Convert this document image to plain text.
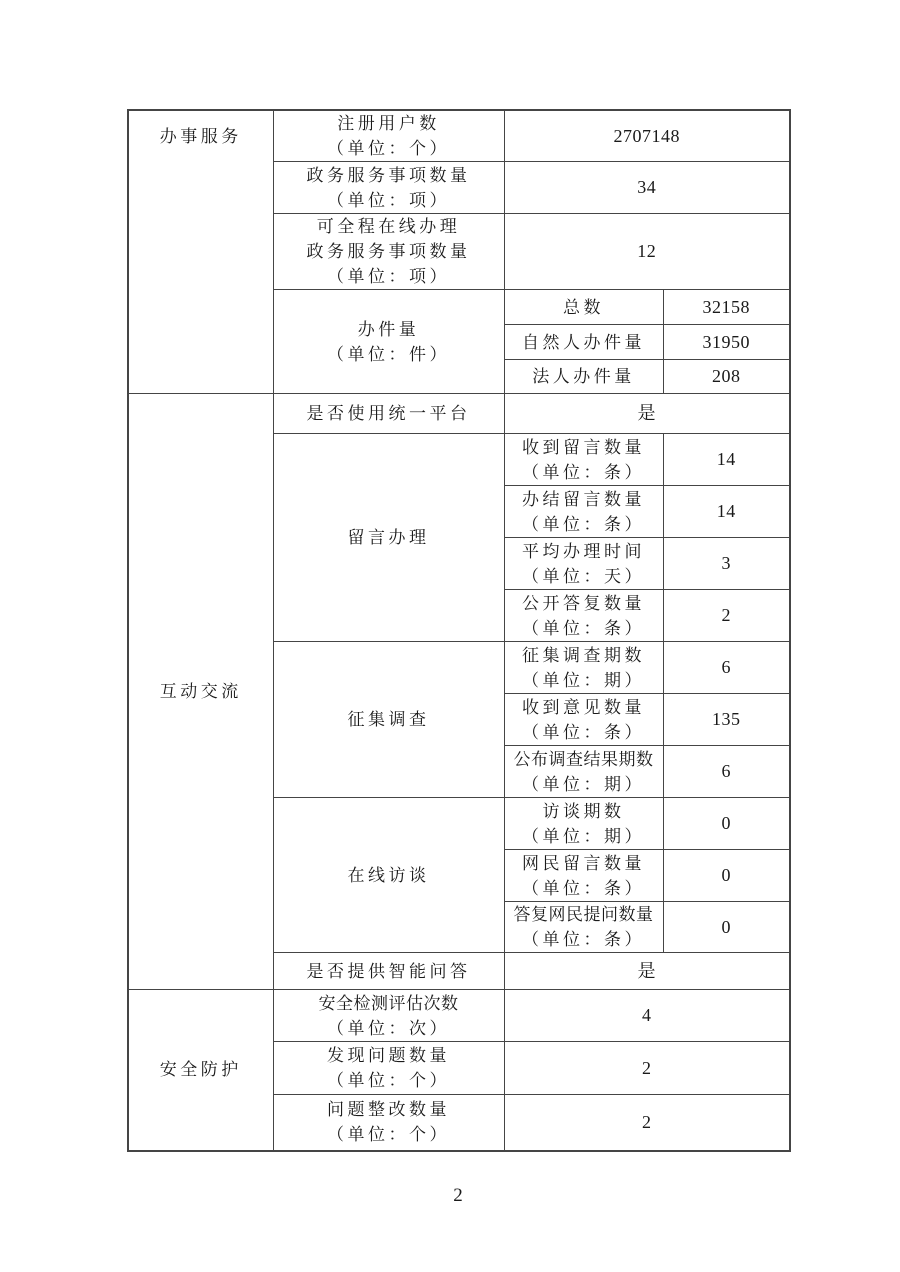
办事服务	注册用户数
（单位：个）	2707148	

	政务服务事项数量
（单位：项）	34	

	可全程在线办理
政务服务事项数量
（单位：项）	12	

	办件量
（单位：件）	总数	32158
		自然人办件量	31950
		法人办件量	208
互动交流	是否使用统一平台	是	
	留言办理	收到留言数量
（单位：条）	14

		办结留言数量
（单位：条）	14

		平均办理时间
（单位：天）	3

		公开答复数量
（单位：条）	2
	征集调查	征集调查期数
（单位：期）	6

		收到意见数量
（单位：条）	135

		公布调查结果期数
（单位：期）	6
	在线访谈	访谈期数
（单位：期）	0

		网民留言数量
（单位：条）	0

		答复网民提问数量
（单位：条）	0
	是否提供智能问答	是	
安全防护	安全检测评估次数
（单位：次）	4	

	发现问题数量
（单位：个）	2	

	问题整改数量
（单位：个）	2	
2
